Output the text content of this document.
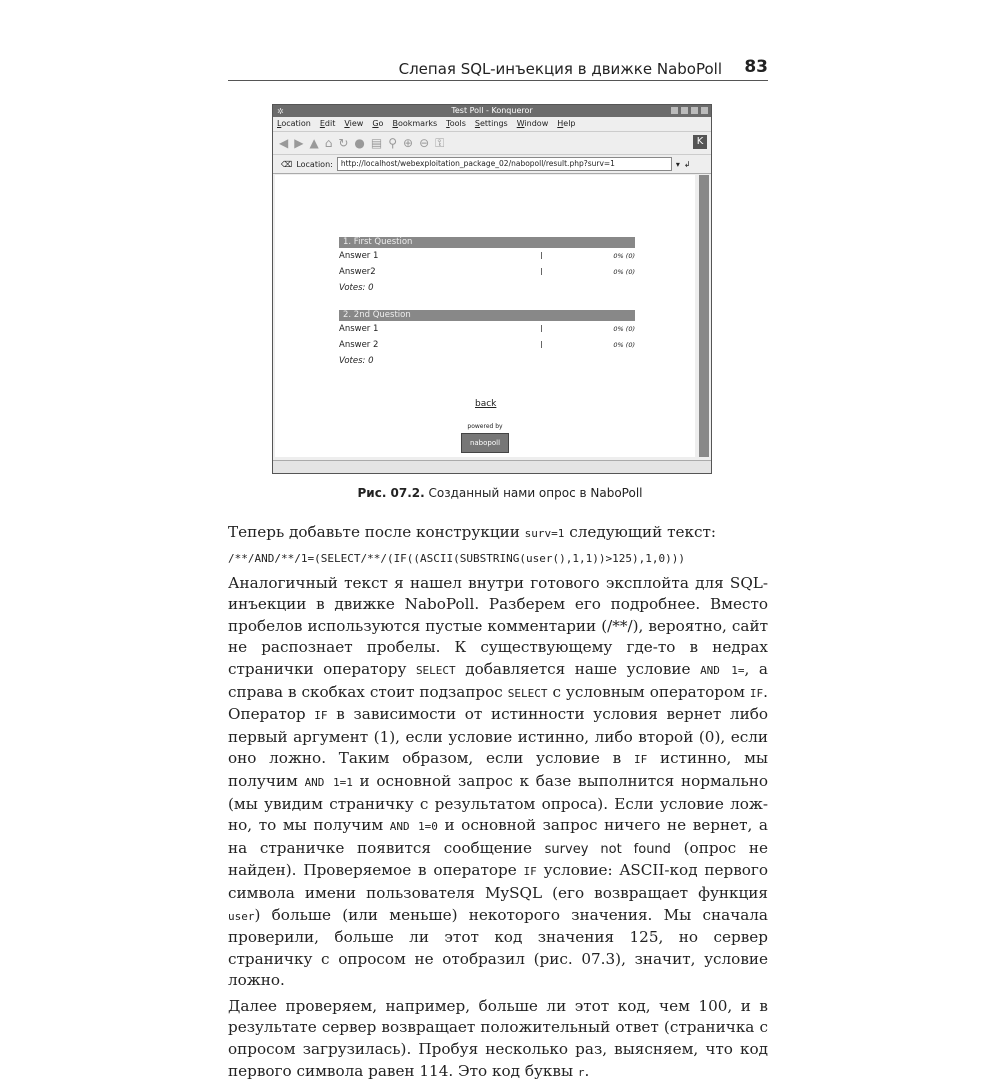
Слепая SQL-инъекция в движке NaboPoll 83
✲	Test Poll - Konqueror
Location Edit View Go Bookmarks Tools Settings Window Help
◀ ▶ ▲ ⌂ ↻ ● ▤ ⚲ ⊕ ⊖ ⚿	K
⌫ Location:	http://localhost/webexploitation_package_02/nabopoll/result.php?surv=1	▾ ↲
1. First Question
Answer 1	0% (0)
Answer2	0% (0)
Votes: 0
2. 2nd Question
Answer 1	0% (0)
Answer 2	0% (0)
Votes: 0
back
powered by
nabopoll
Рис. 07.2. Созданный нами опрос в NaboPoll

Теперь добавьте после конструкции surv=1 следующий текст:

/**/AND/**/1=(SELECT/**/(IF((ASCII(SUBSTRING(user(),1,1))>125),1,0)))

Аналогичный текст я нашел внутри готового эксплойта для SQL-инъекции в движке NaboPoll. Разберем его подробнее. Вместо пробелов используются пустые комментарии (/**/), вероятно, сайт не распознает пробелы. К существующему где-то в недрах странички оператору SELECT добавляется наше условие AND 1=, а справа в скобках стоит подзапрос SELECT с условным оператором IF. Оператор IF в зависимости от истинности условия вернет либо первый аргумент (1), если условие истинно, либо второй (0), если оно ложно. Таким образом, если условие в IF истинно, мы получим AND 1=1 и основной запрос к базе выполнится нормально (мы увидим страничку с результатом опроса). Если условие ложно, то мы получим AND 1=0 и основной запрос ничего не вернет, а на страничке появится сообщение survey not found (опрос не найден). Проверяемое в операторе IF условие: ASCII-код первого символа имени пользователя MySQL (его возвращает функция user) больше (или меньше) некоторого значения. Мы сначала проверили, больше ли этот код значения 125, но сервер страничку с опросом не отобразил (рис. 07.3), значит, условие ложно.

Далее проверяем, например, больше ли этот код, чем 100, и в результате сервер возвращает положительный ответ (страничка с опросом загрузилась). Пробуя несколько раз, выясняем, что код первого символа равен 114. Это код буквы r.
